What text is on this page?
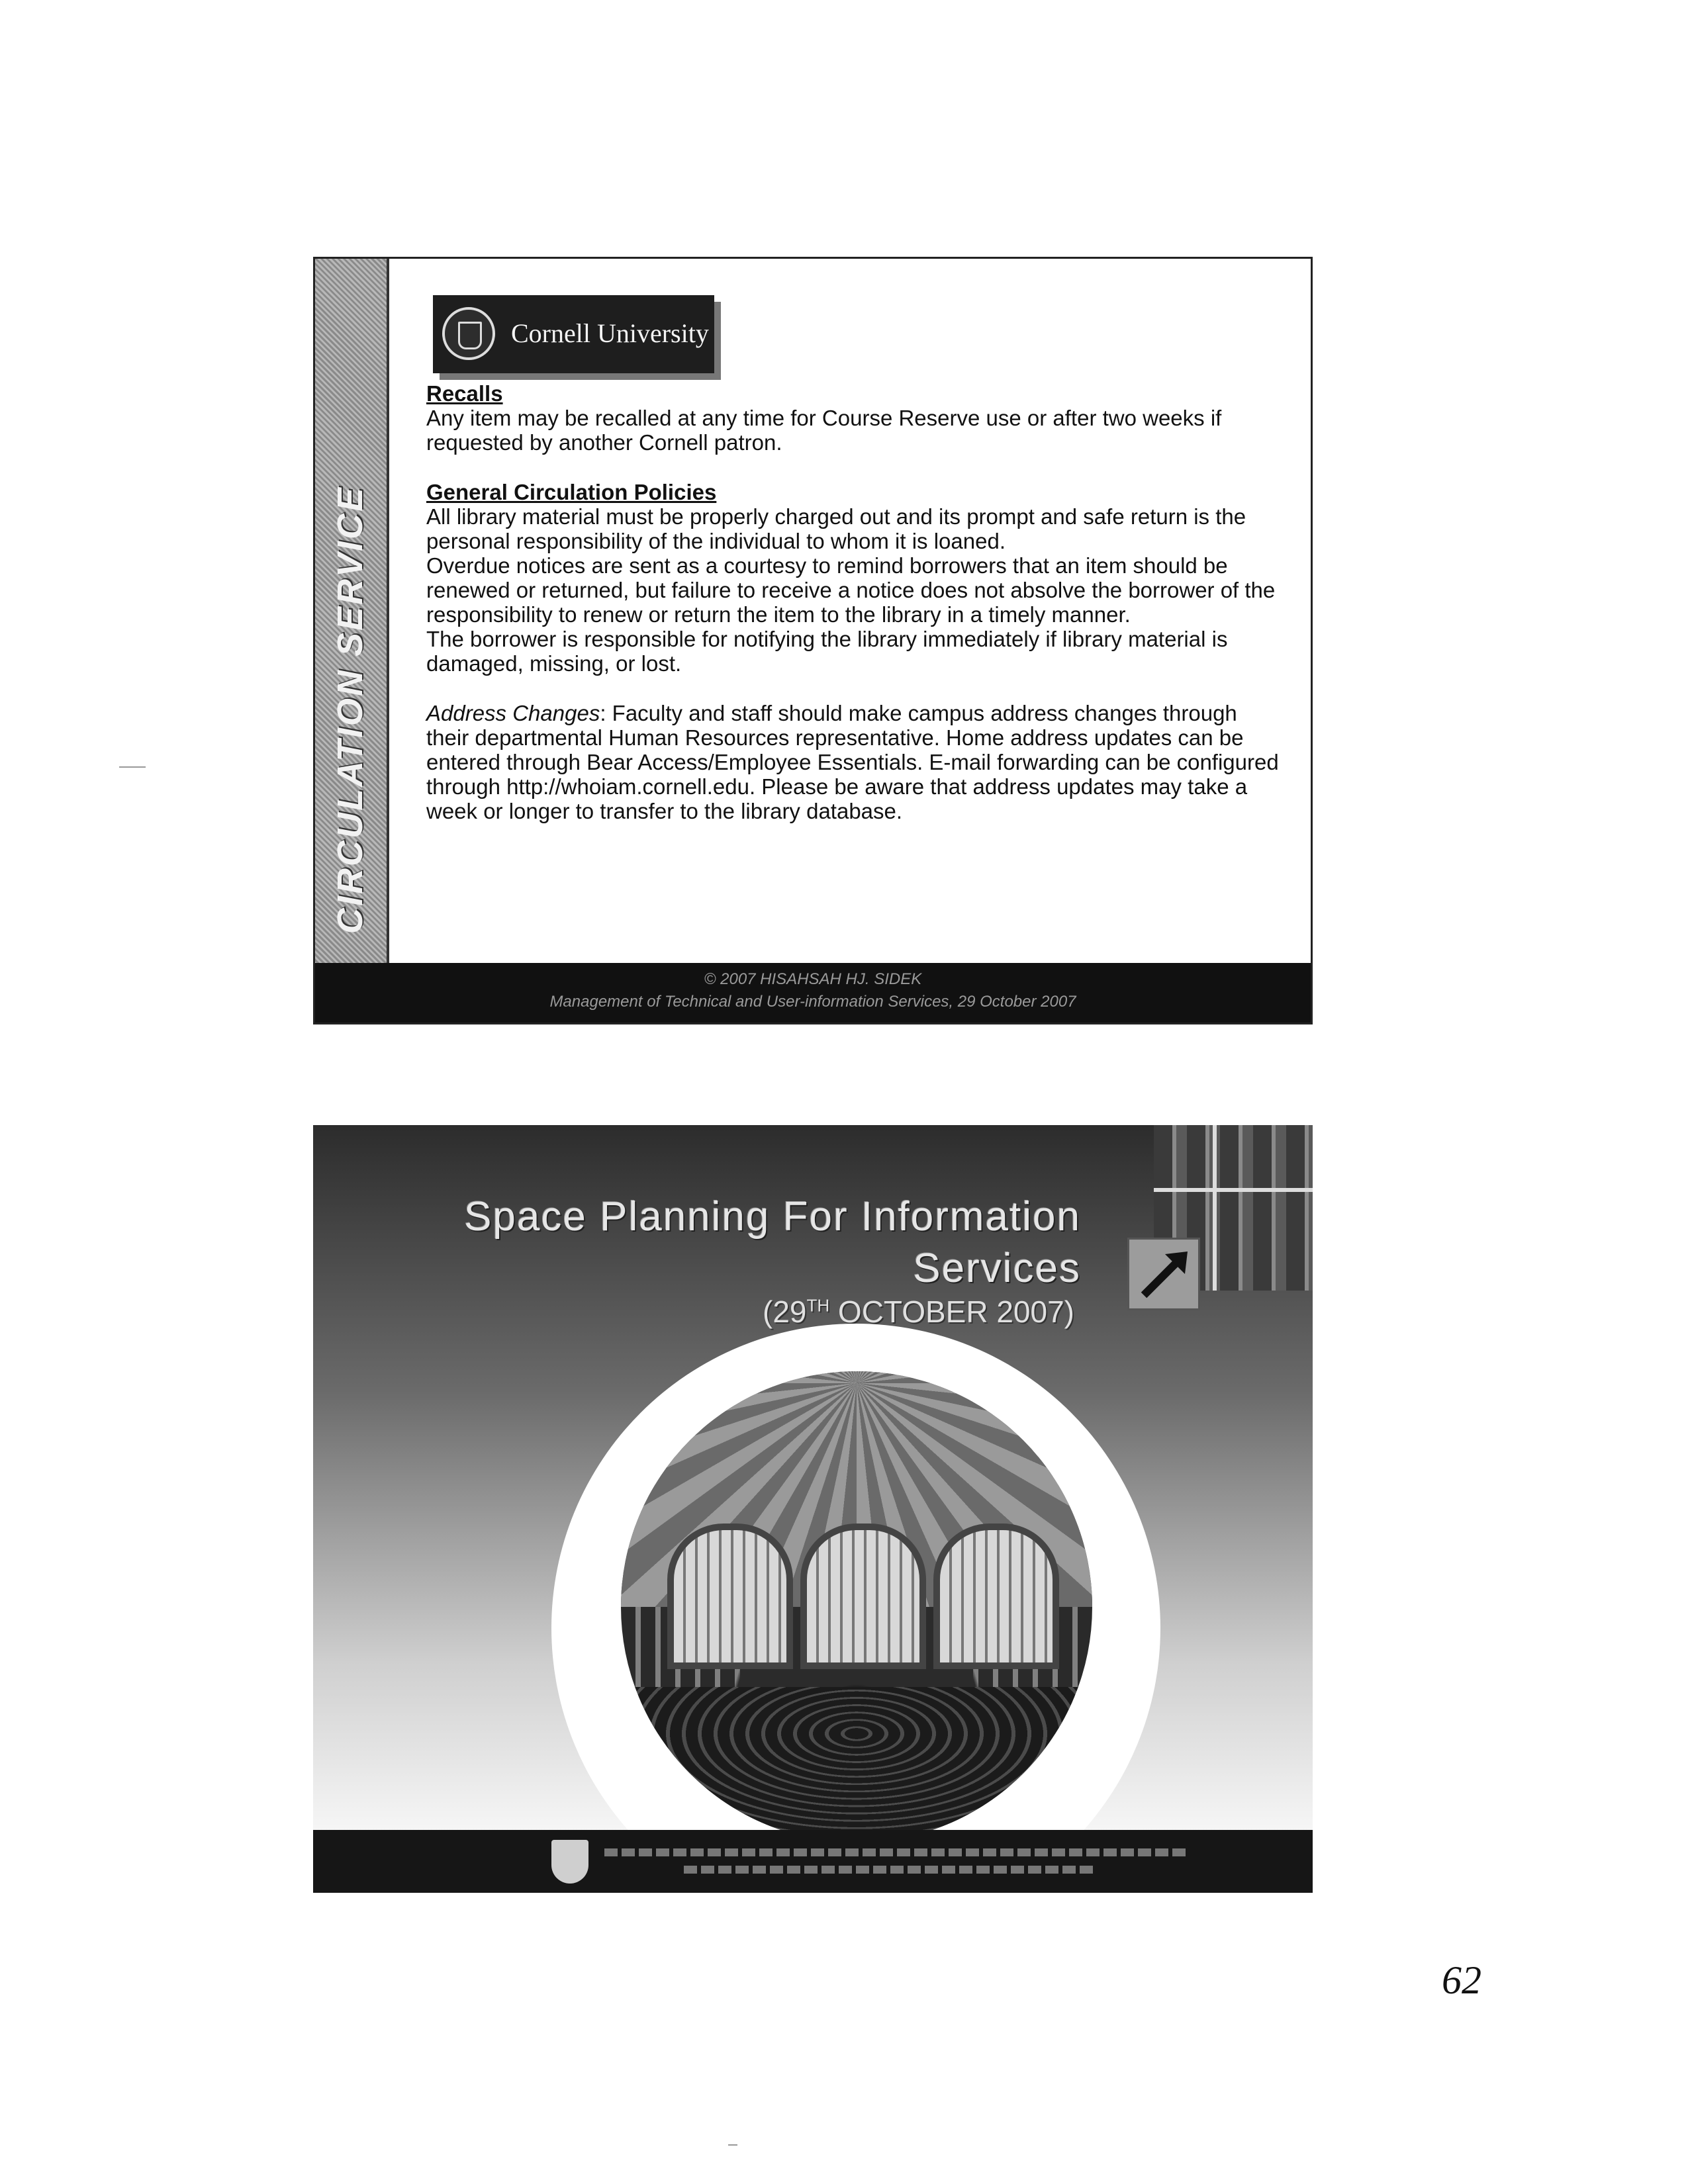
CIRCULATION SERVICE
Cornell University

Recalls

Any item may be recalled at any time for Course Reserve use or after two weeks if requested by another Cornell patron.

General Circulation Policies

All library material must be properly charged out and its prompt and safe return is the personal responsibility of the individual to whom it is loaned.

Overdue notices are sent as a courtesy to remind borrowers that an item should be renewed or returned, but failure to receive a notice does not absolve the borrower of the responsibility to renew or return the item to the library in a timely manner.

The borrower is responsible for notifying the library immediately if library material is damaged, missing, or lost.

Address Changes: Faculty and staff should make campus address changes through their departmental Human Resources representative. Home address updates can be entered through Bear Access/Employee Essentials. E-mail forwarding can be configured through http://whoiam.cornell.edu. Please be aware that address updates may take a week or longer to transfer to the library database.

© 2007 HISAHSAH HJ. SIDEK
Management of Technical and User-information Services, 29 October 2007
Space Planning For Information
Services
(29TH OCTOBER 2007)
62
